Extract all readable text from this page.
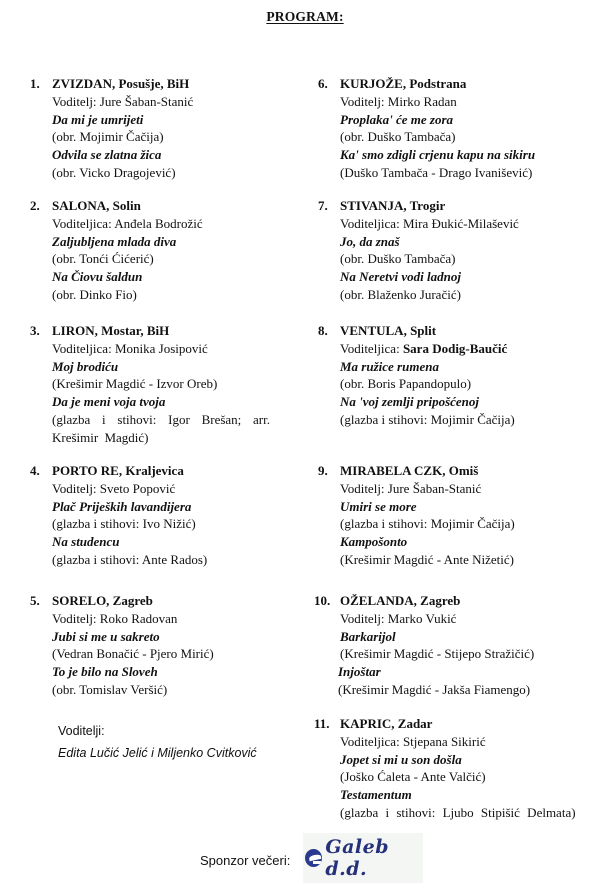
PROGRAM:
1. ZVIZDAN, Posušje, BiH
Voditelj: Jure Šaban-Stanić
Da mi je umrijeti
(obr. Mojimir Čačija)
Odvila se zlatna žica
(obr. Vicko Dragojević)
2. SALONA, Solin
Voditeljica: Anđela Bodrožić
Zaljubljena mlada diva
(obr. Tonći Ćićerić)
Na Čiovu šaldun
(obr. Dinko Fio)
3. LIRON, Mostar, BiH
Voditeljica: Monika Josipović
Moj brodiću
(Krešimir Magdić - Izvor Oreb)
Da je meni voja tvoja
(glazba i stihovi: Igor Brešan; arr. Krešimir Magdić)
4. PORTO RE, Kraljevica
Voditelj: Sveto Popović
Plač Prijeških lavandijera
(glazba i stihovi: Ivo Nižić)
Na studencu
(glazba i stihovi: Ante Rados)
5. SORELO, Zagreb
Voditelj: Roko Radovan
Jubi si me u sakreto
(Vedran Bonačić - Pjero Mirić)
To je bilo na Sloveh
(obr. Tomislav Veršić)
6. KURJOŽE, Podstrana
Voditelj: Mirko Radan
Proplaka' će me zora
(obr. Duško Tambača)
Ka' smo zdigli crjenu kapu na sikiru
(Duško Tambača - Drago Ivanišević)
7. STIVANJA, Trogir
Voditeljica: Mira Đukić-Milašević
Jo, da znaš
(obr. Duško Tambača)
Na Neretvi vodi ladnoj
(obr. Blaženko Juračić)
8. VENTULA, Split
Voditeljica: Sara Dodig-Baučić
Ma ružice rumena
(obr. Boris Papandopulo)
Na 'voj zemlji pripošćenoj
(glazba i stihovi: Mojimir Čačija)
9. MIRABELA CZK, Omiš
Voditelj: Jure Šaban-Stanić
Umiri se more
(glazba i stihovi: Mojimir Čačija)
Kampošonto
(Krešimir Magdić - Ante Nižetić)
10. OŽELANDA, Zagreb
Voditelj: Marko Vukić
Barkarijol
(Krešimir Magdić - Stijepo Stražičić)
Injoštar
(Krešimir Magdić - Jakša Fiamengo)
11. KAPRIC, Zadar
Voditeljica: Stjepana Sikirić
Jopet si mi u son došla
(Joško Ćaleta - Ante Valčić)
Testamentum
(glazba i stihovi: Ljubo Stipišić Delmata)
Voditelji:
Edita Lučić Jelić i Miljenko Cvitković
Sponzor večeri:
Galeb d.d.
